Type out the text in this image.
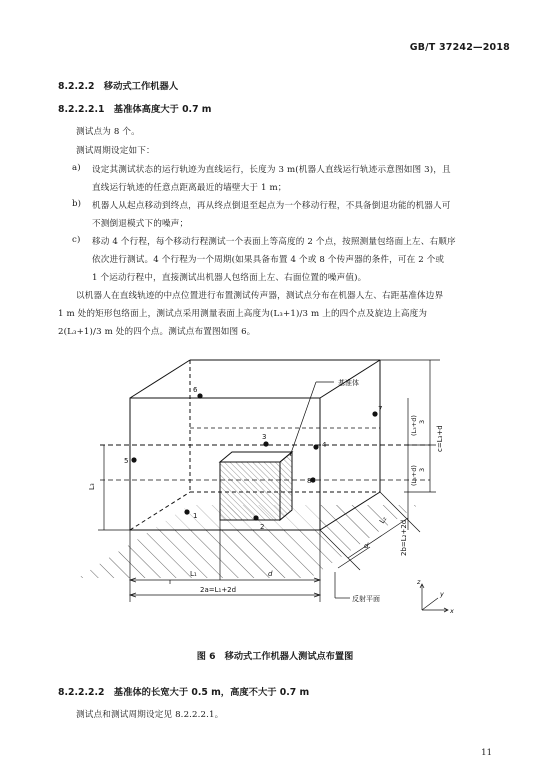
GB/T 37242—2018
8.2.2.2　移动式工作机器人
8.2.2.2.1　基准体高度大于 0.7 m
测试点为 8 个。
测试周期设定如下：
a) 设定其测试状态的运行轨迹为直线运行，长度为 3 m(机器人直线运行轨迹示意图如图 3)，且
直线运行轨迹的任意点距离最近的墙壁大于 1 m；
b) 机器人从起点移动到终点，再从终点倒退至起点为一个移动行程，不具备倒退功能的机器人可
不测倒退模式下的噪声；
c) 移动 4 个行程，每个移动行程测试一个表面上等高度的 2 个点，按照测量包络面上左、右顺序
依次进行测试。4 个行程为一个周期(如果具备布置 4 个或 8 个传声器的条件，可在 2 个或
1 个运动行程中，直接测试出机器人包络面上左、右面位置的噪声值)。
以机器人在直线轨迹的中点位置进行布置测试传声器，测试点分布在机器人左、右距基准体边界
1 m 处的矩形包络面上，测试点采用测量表面上高度为(L₃+1)/3 m 上的四个点及旋边上高度为
2(L₃+1)/3 m 处的四个点。测试点布置图如图 6。
1
2
3
4
5
6
7
8
基准体
反射平面
L₃
L₁	d
2a=L₁+2d
L₂
d	2b=L₂+2d
c=L₃+d
(L₃+d) 3
(L₃+d) 3
z
y
x
图 6　移动式工作机器人测试点布置图
8.2.2.2.2　基准体的长宽大于 0.5 m，高度不大于 0.7 m
测试点和测试周期设定见 8.2.2.2.1。
11
